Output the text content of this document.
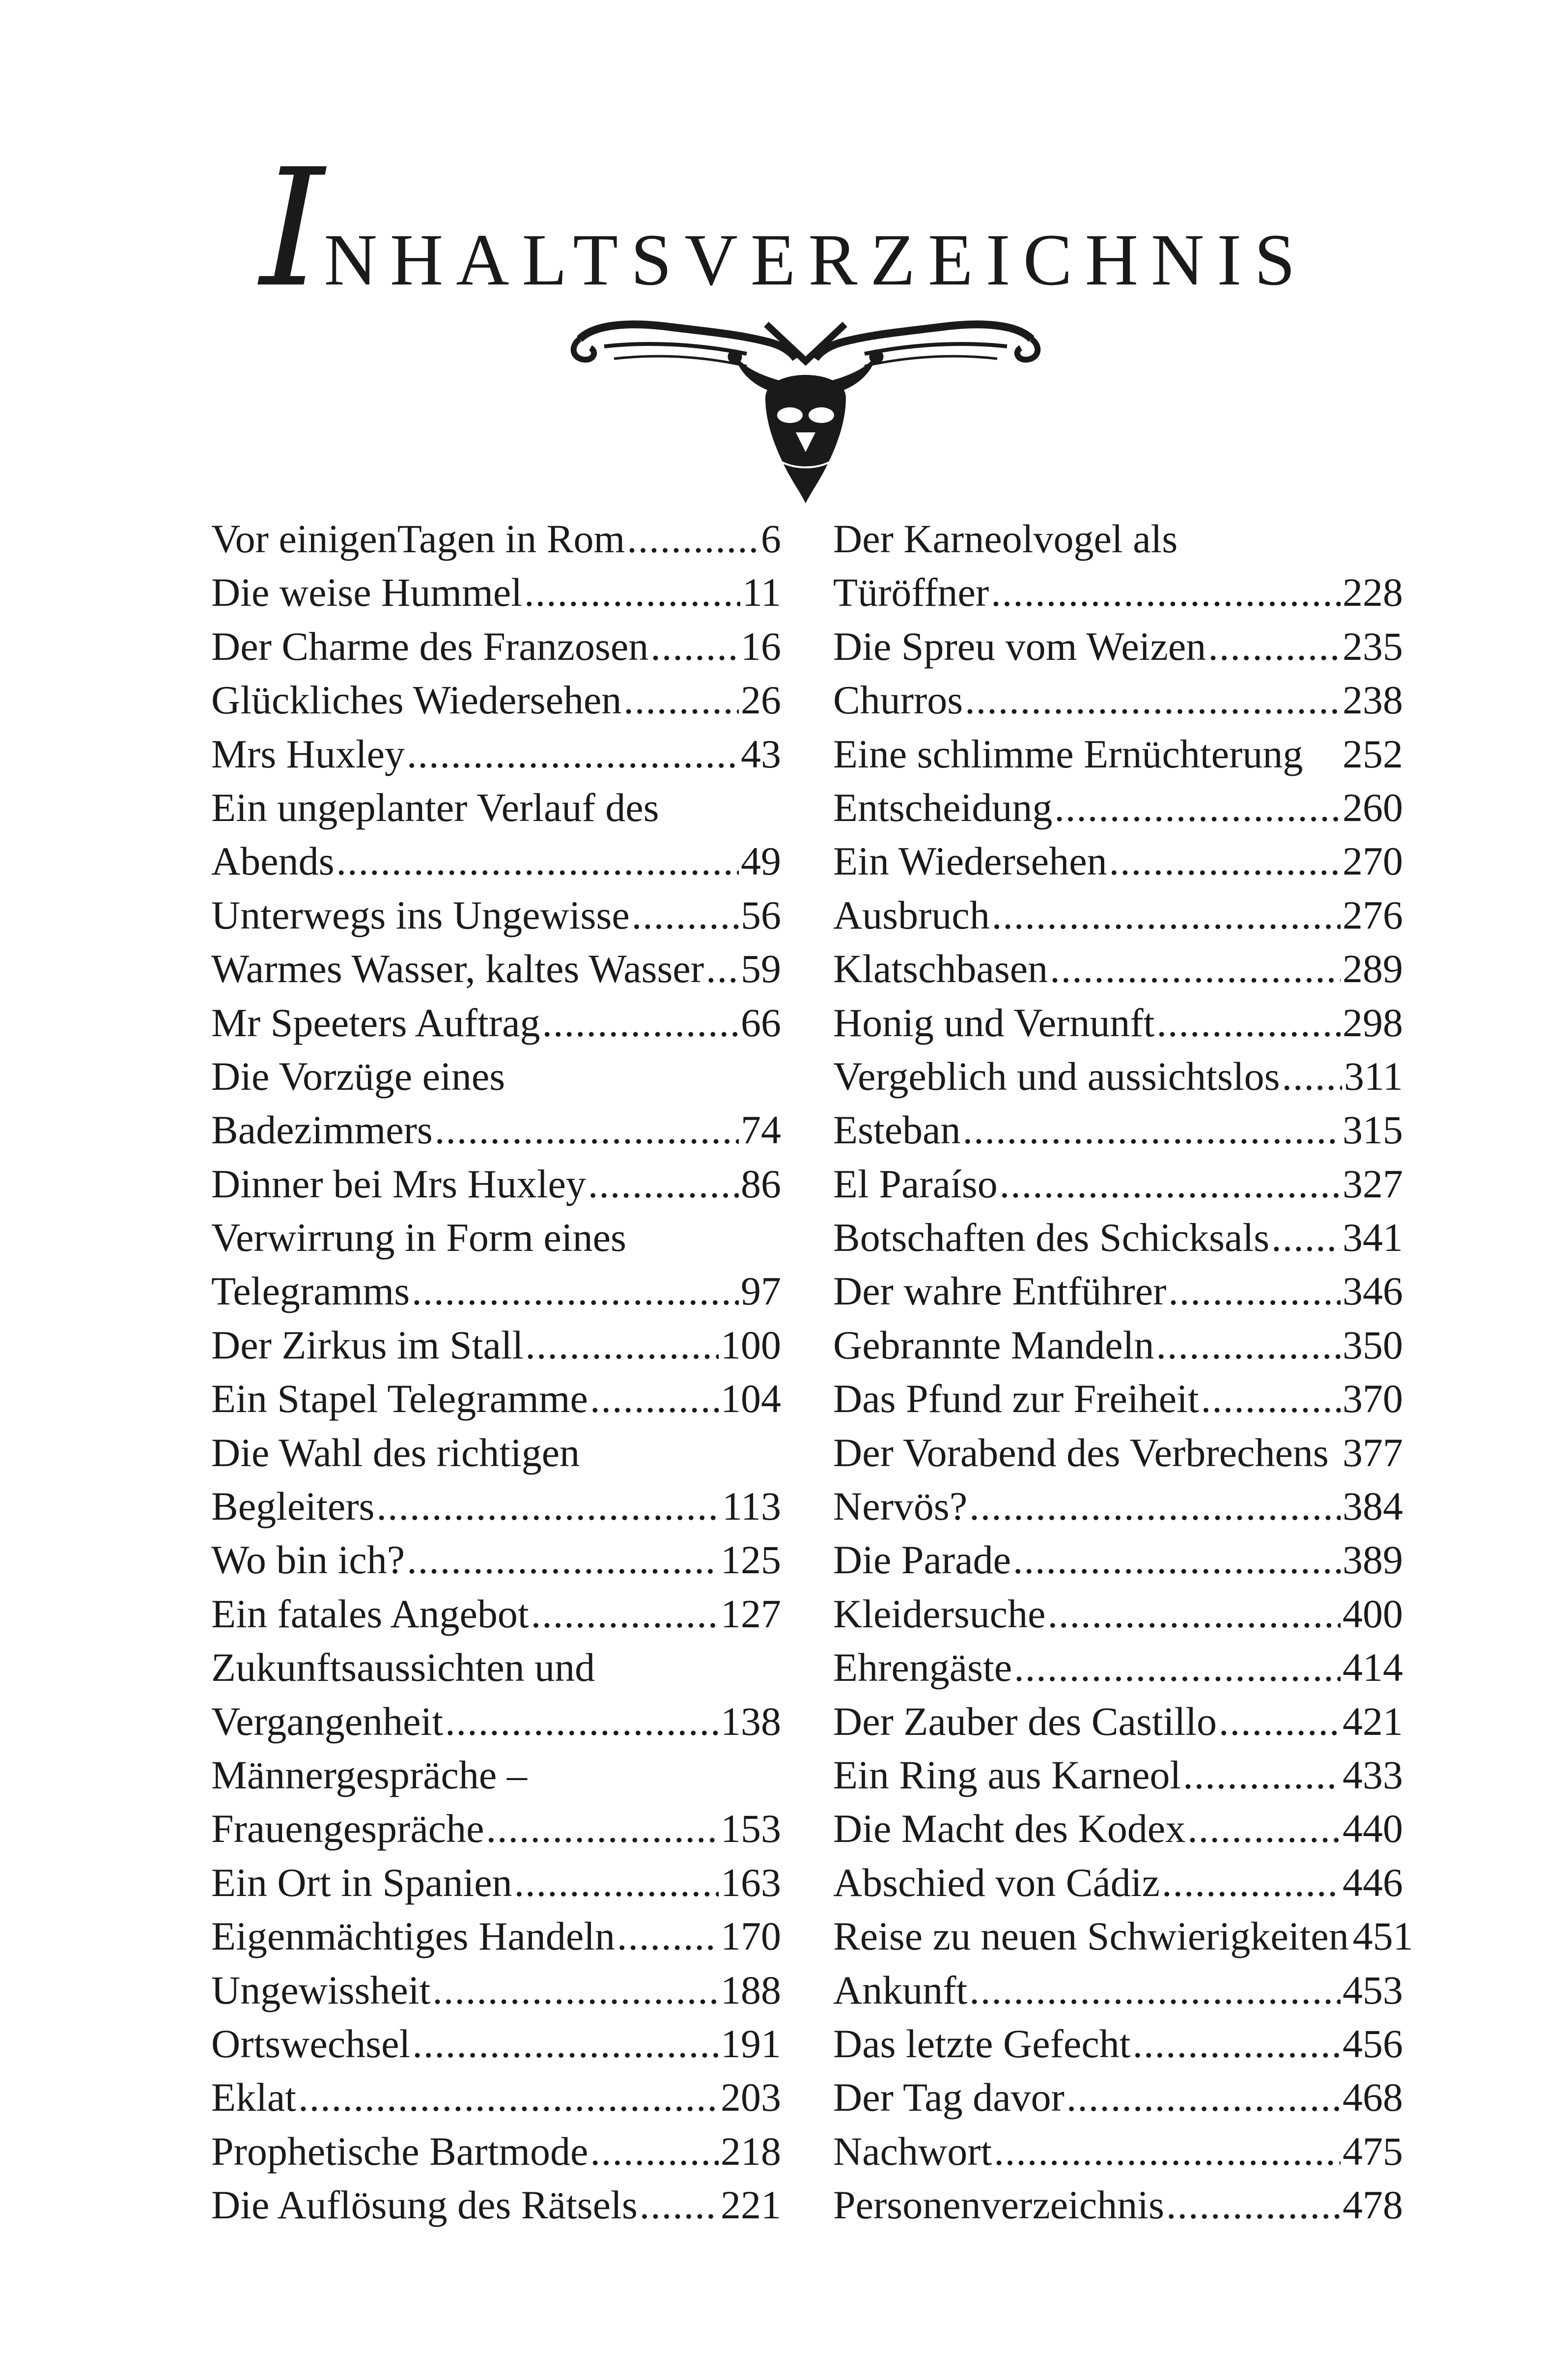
INHALTSVERZEICHNIS
Vor einigenTagen in Rom .....	6
Die weise Hummel .....	11
Der Charme des Franzosen ..... 16
Glückliches Wiedersehen .....	26
Mrs Huxley .....	43
Ein ungeplanter Verlauf des
Abends .....	49
Unterwegs ins Ungewisse .....	56
Warmes Wasser, kaltes Wasser ..... 59
Mr Speeters Auftrag .....	66
Die Vorzüge eines
Badezimmers .....	74
Dinner bei Mrs Huxley .....	86
Verwirrung in Form eines
Telegramms .....	97
Der Zirkus im Stall .....	100
Ein Stapel Telegramme .....	104
Die Wahl des richtigen
Begleiters .....	113
Wo bin ich? .....	125
Ein fatales Angebot .....	127
Zukunftsaussichten und
Vergangenheit .....	138
Männergespräche –
Frauengespräche .....	153
Ein Ort in Spanien .....	163
Eigenmächtiges Handeln .....	170
Ungewissheit .....	188
Ortswechsel .....	191
Eklat .....	203
Prophetische Bartmode .....	218
Die Auflösung des Rätsels ..... 221
Der Karneolvogel als
Türöffner .....	228
Die Spreu vom Weizen .....	235
Churros .....	238
Eine schlimme Ernüchterung 252
Entscheidung .....	260
Ein Wiedersehen .....	270
Ausbruch .....	276
Klatschbasen .....	289
Honig und Vernunft .....	298
Vergeblich und aussichtslos ..... 311
Esteban .....	315
El Paraíso .....	327
Botschaften des Schicksals ..... 341
Der wahre Entführer .....	346
Gebrannte Mandeln .....	350
Das Pfund zur Freiheit .....	370
Der Vorabend des Verbrechens 377
Nervös? .....	384
Die Parade .....	389
Kleidersuche .....	400
Ehrengäste .....	414
Der Zauber des Castillo .....	421
Ein Ring aus Karneol .....	433
Die Macht des Kodex .....	440
Abschied von Cádiz .....	446
Reise zu neuen Schwierigkeiten 451
Ankunft .....	453
Das letzte Gefecht .....	456
Der Tag davor .....	468
Nachwort .....	475
Personenverzeichnis .....	478
